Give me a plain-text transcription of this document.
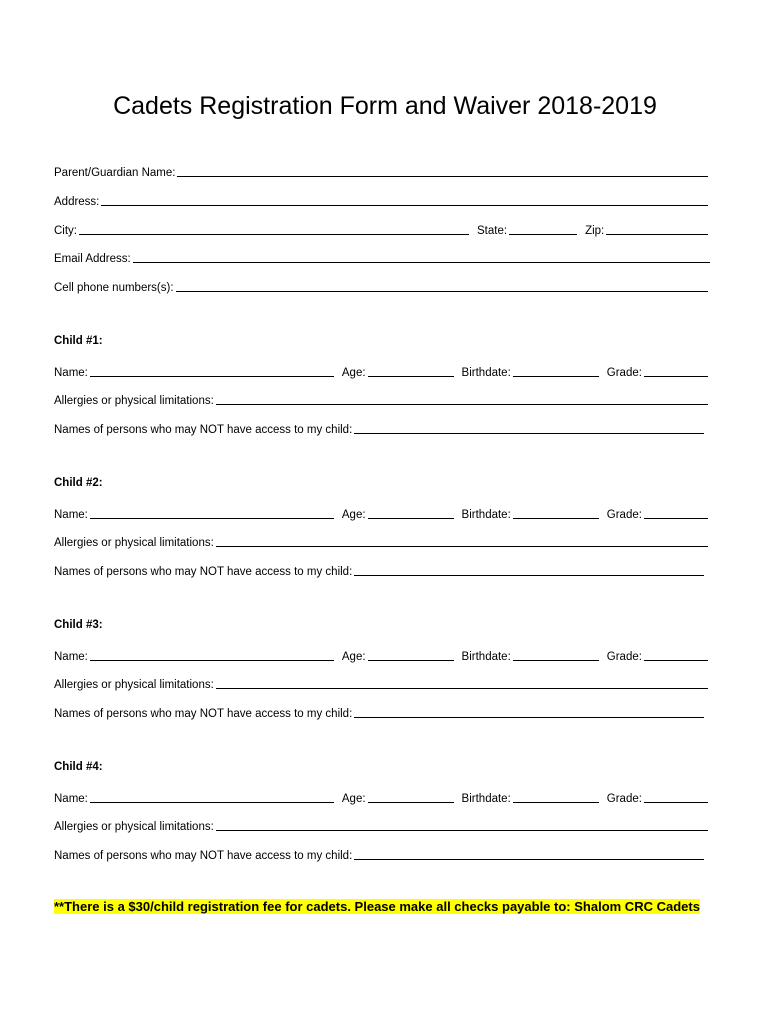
Cadets Registration Form and Waiver 2018-2019
Parent/Guardian Name:
Address:
City:	State:	Zip:
Email Address:
Cell phone numbers(s):
Child #1:
Name:	Age:	Birthdate:	Grade:
Allergies or physical limitations:
Names of persons who may NOT have access to my child:
Child #2:
Name:	Age:	Birthdate:	Grade:
Allergies or physical limitations:
Names of persons who may NOT have access to my child:
Child #3:
Name:	Age:	Birthdate:	Grade:
Allergies or physical limitations:
Names of persons who may NOT have access to my child:
Child #4:
Name:	Age:	Birthdate:	Grade:
Allergies or physical limitations:
Names of persons who may NOT have access to my child:
**There is a $30/child registration fee for cadets. Please make all checks payable to: Shalom CRC Cadets
